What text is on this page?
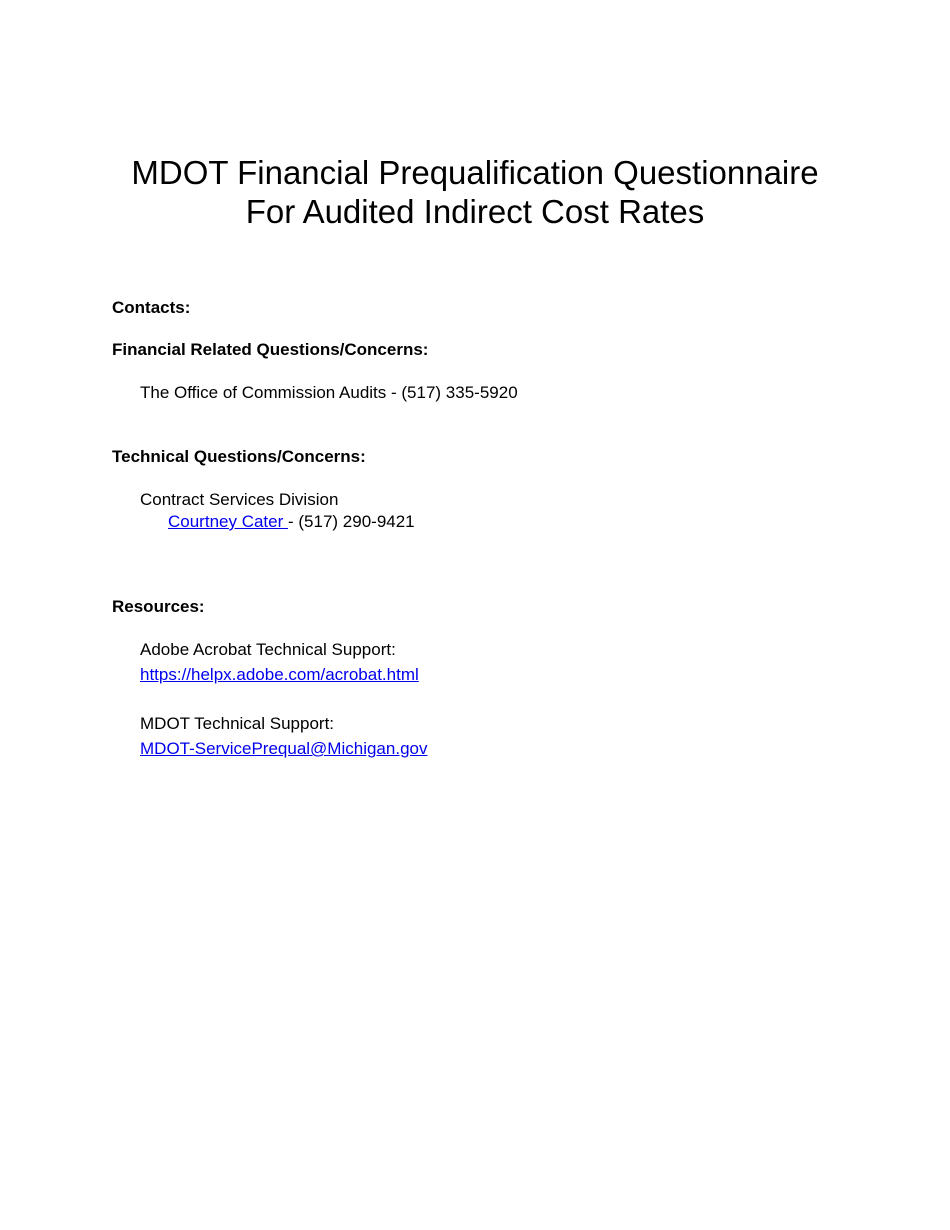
MDOT Financial Prequalification Questionnaire
For Audited Indirect Cost Rates

Contacts:

Financial Related Questions/Concerns:

The Office of Commission Audits - (517) 335-5920

Technical Questions/Concerns:

Contract Services Division

Courtney Cater - (517) 290-9421

Resources:

Adobe Acrobat Technical Support:

https://helpx.adobe.com/acrobat.html

MDOT Technical Support:

MDOT-ServicePrequal@Michigan.gov
